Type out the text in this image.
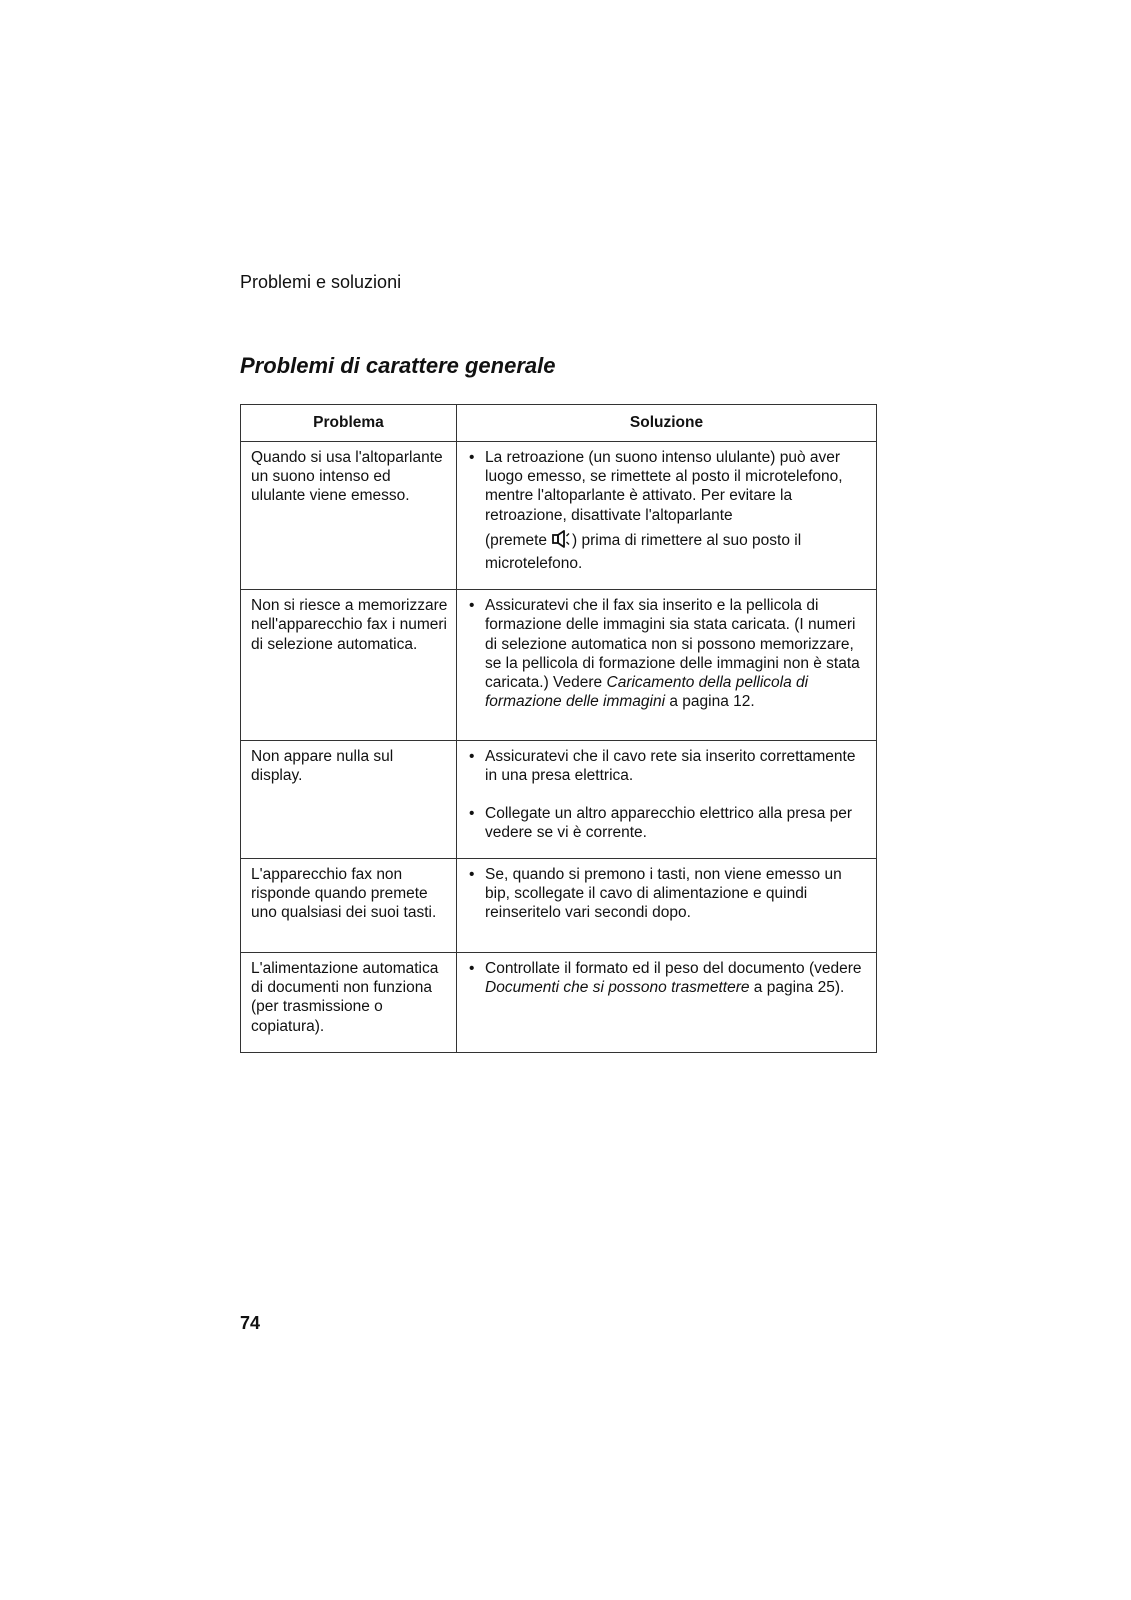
Problemi e soluzioni
Problemi di carattere generale
Problema	Soluzione
Quando si usa l'altoparlante un suono intenso ed ululante viene emesso.	• La retroazione (un suono intenso ululante) può aver luogo emesso, se rimettete al posto il microtelefono, mentre l'altoparlante è attivato. Per evitare la retroazione, disattivate l'altoparlante
(premete ) prima di rimettere al suo posto il microtelefono.

Non si riesce a memorizzare nell'apparecchio fax i numeri di selezione automatica.	• Assicuratevi che il fax sia inserito e la pellicola di formazione delle immagini sia stata caricata. (I numeri di selezione automatica non si possono memorizzare, se la pellicola di formazione delle immagini non è stata caricata.) Vedere Caricamento della pellicola di formazione delle immagini a pagina 12.

Non appare nulla sul display.	• Assicuratevi che il cavo rete sia inserito correttamente in una presa elettrica.
• Collegate un altro apparecchio elettrico alla presa per vedere se vi è corrente.

L'apparecchio fax non risponde quando premete uno qualsiasi dei suoi tasti.	• Se, quando si premono i tasti, non viene emesso un bip, scollegate il cavo di alimentazione e quindi reinseritelo vari secondi dopo.

L'alimentazione automatica di documenti non funziona (per trasmissione o copiatura).	• Controllate il formato ed il peso del documento (vedere Documenti che si possono trasmettere a pagina 25).
74
